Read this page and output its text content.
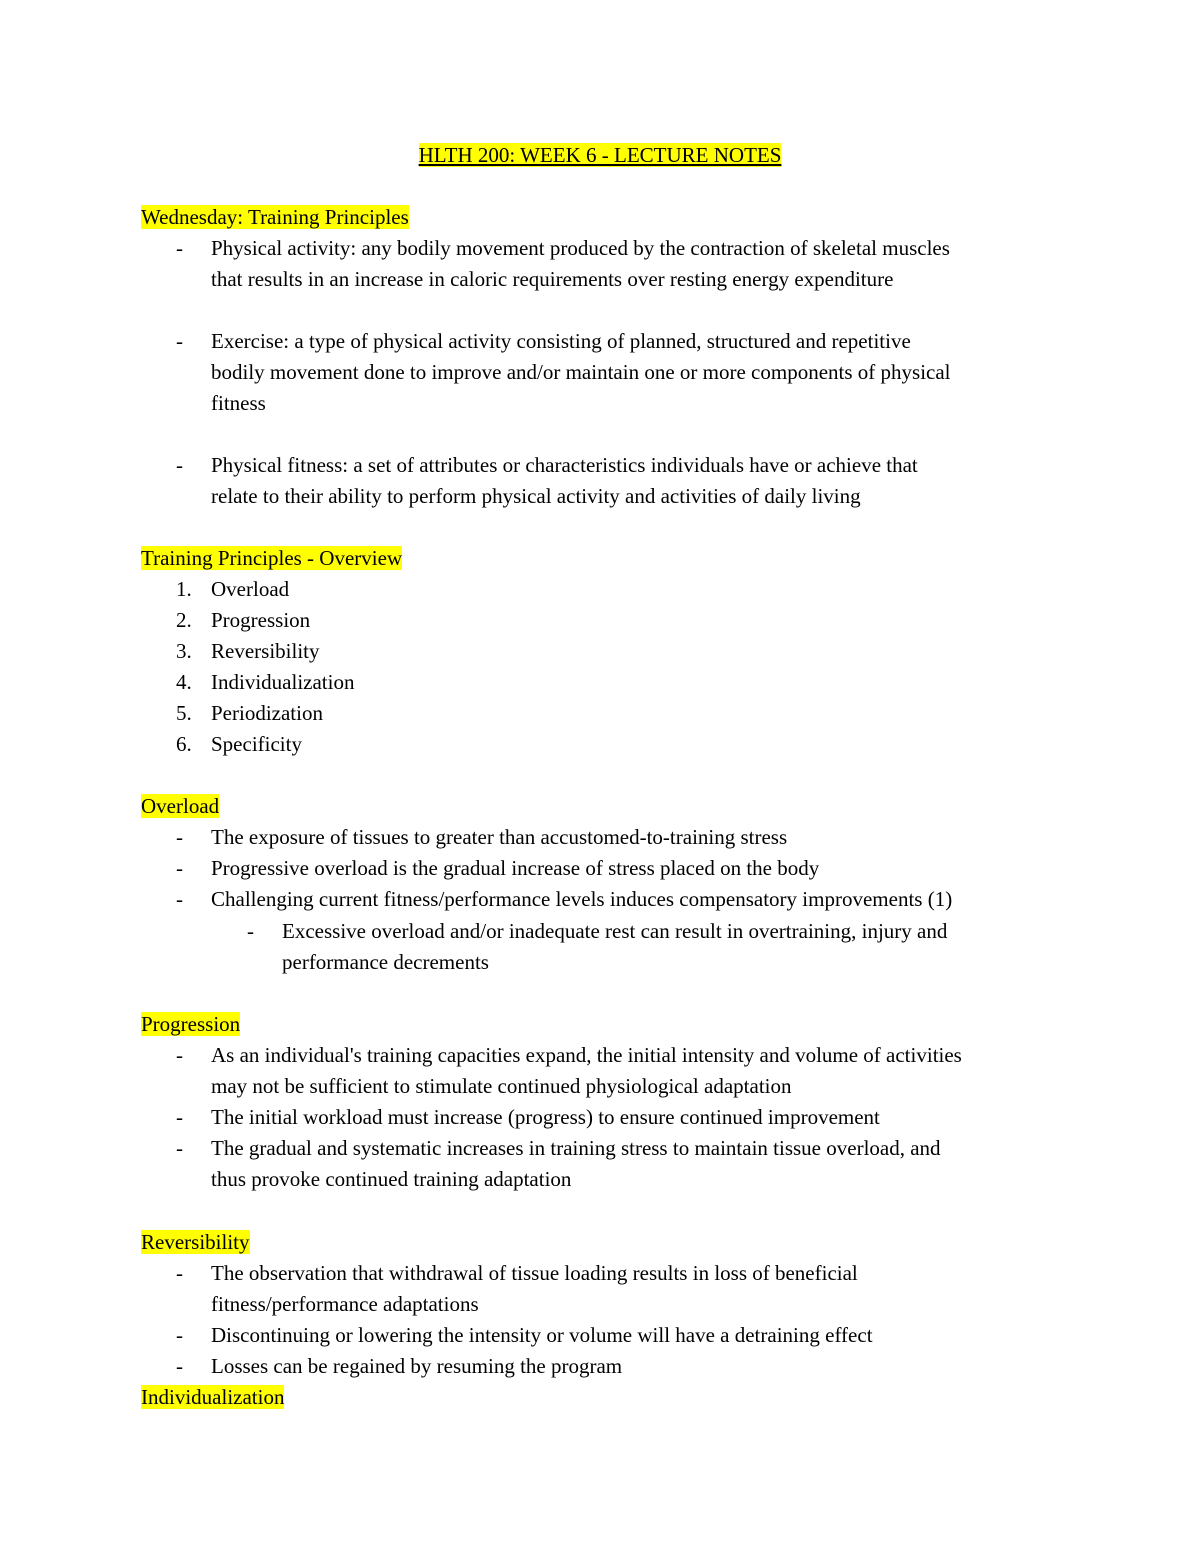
HLTH 200: WEEK 6 - LECTURE NOTES
Wednesday: Training Principles
- Physical activity: any bodily movement produced by the contraction of skeletal muscles
that results in an increase in caloric requirements over resting energy expenditure
- Exercise: a type of physical activity consisting of planned, structured and repetitive
bodily movement done to improve and/or maintain one or more components of physical
fitness
- Physical fitness: a set of attributes or characteristics individuals have or achieve that
relate to their ability to perform physical activity and activities of daily living
Training Principles - Overview
1. Overload
2. Progression
3. Reversibility
4. Individualization
5. Periodization
6. Specificity
Overload
- The exposure of tissues to greater than accustomed-to-training stress
- Progressive overload is the gradual increase of stress placed on the body
- Challenging current fitness/performance levels induces compensatory improvements (1)
- Excessive overload and/or inadequate rest can result in overtraining, injury and
performance decrements
Progression
- As an individual's training capacities expand, the initial intensity and volume of activities
may not be sufficient to stimulate continued physiological adaptation
- The initial workload must increase (progress) to ensure continued improvement
- The gradual and systematic increases in training stress to maintain tissue overload, and
thus provoke continued training adaptation
Reversibility
- The observation that withdrawal of tissue loading results in loss of beneficial
fitness/performance adaptations
- Discontinuing or lowering the intensity or volume will have a detraining effect
- Losses can be regained by resuming the program
Individualization
